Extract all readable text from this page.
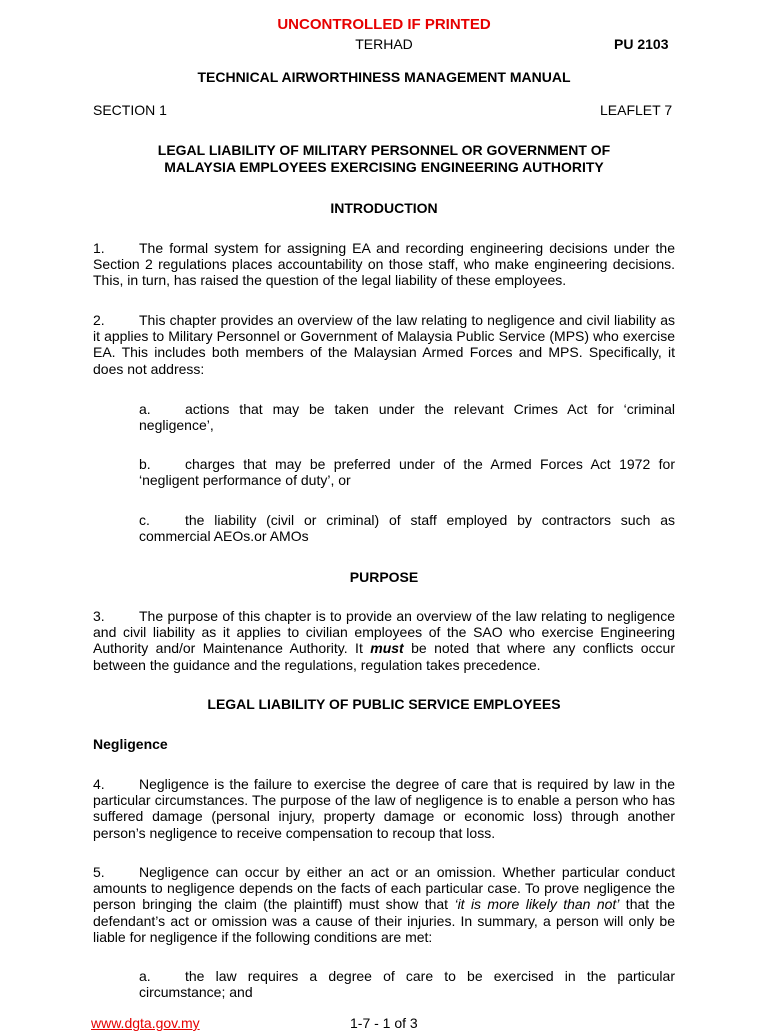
UNCONTROLLED IF PRINTED
TERHAD	PU 2103
TECHNICAL AIRWORTHINESS MANAGEMENT MANUAL
SECTION 1	LEAFLET 7
LEGAL LIABILITY OF MILITARY PERSONNEL OR GOVERNMENT OF
MALAYSIA EMPLOYEES EXERCISING ENGINEERING AUTHORITY
INTRODUCTION
1. The formal system for assigning EA and recording engineering decisions under the Section 2 regulations places accountability on those staff, who make engineering decisions. This, in turn, has raised the question of the legal liability of these employees.
2. This chapter provides an overview of the law relating to negligence and civil liability as it applies to Military Personnel or Government of Malaysia Public Service (MPS) who exercise EA. This includes both members of the Malaysian Armed Forces and MPS. Specifically, it does not address:
a. actions that may be taken under the relevant Crimes Act for ‘criminal negligence’,
b. charges that may be preferred under of the Armed Forces Act 1972 for ‘negligent performance of duty’, or
c.	the liability (civil or criminal) of staff employed by contractors such as commercial AEOs.or AMOs
PURPOSE
3. The purpose of this chapter is to provide an overview of the law relating to negligence and civil liability as it applies to civilian employees of the SAO who exercise Engineering Authority and/or Maintenance Authority. It must be noted that where any conflicts occur between the guidance and the regulations, regulation takes precedence.
LEGAL LIABILITY OF PUBLIC SERVICE EMPLOYEES
Negligence
4. Negligence is the failure to exercise the degree of care that is required by law in the particular circumstances. The purpose of the law of negligence is to enable a person who has suffered damage (personal injury, property damage or economic loss) through another person’s negligence to receive compensation to recoup that loss.
5. Negligence can occur by either an act or an omission. Whether particular conduct amounts to negligence depends on the facts of each particular case. To prove negligence the person bringing the claim (the plaintiff) must show that ‘it is more likely than not’ that the defendant’s act or omission was a cause of their injuries. In summary, a person will only be liable for negligence if the following conditions are met:
a. the law requires a degree of care to be exercised in the particular circumstance; and
www.dgta.gov.my	1-7 - 1 of 3
